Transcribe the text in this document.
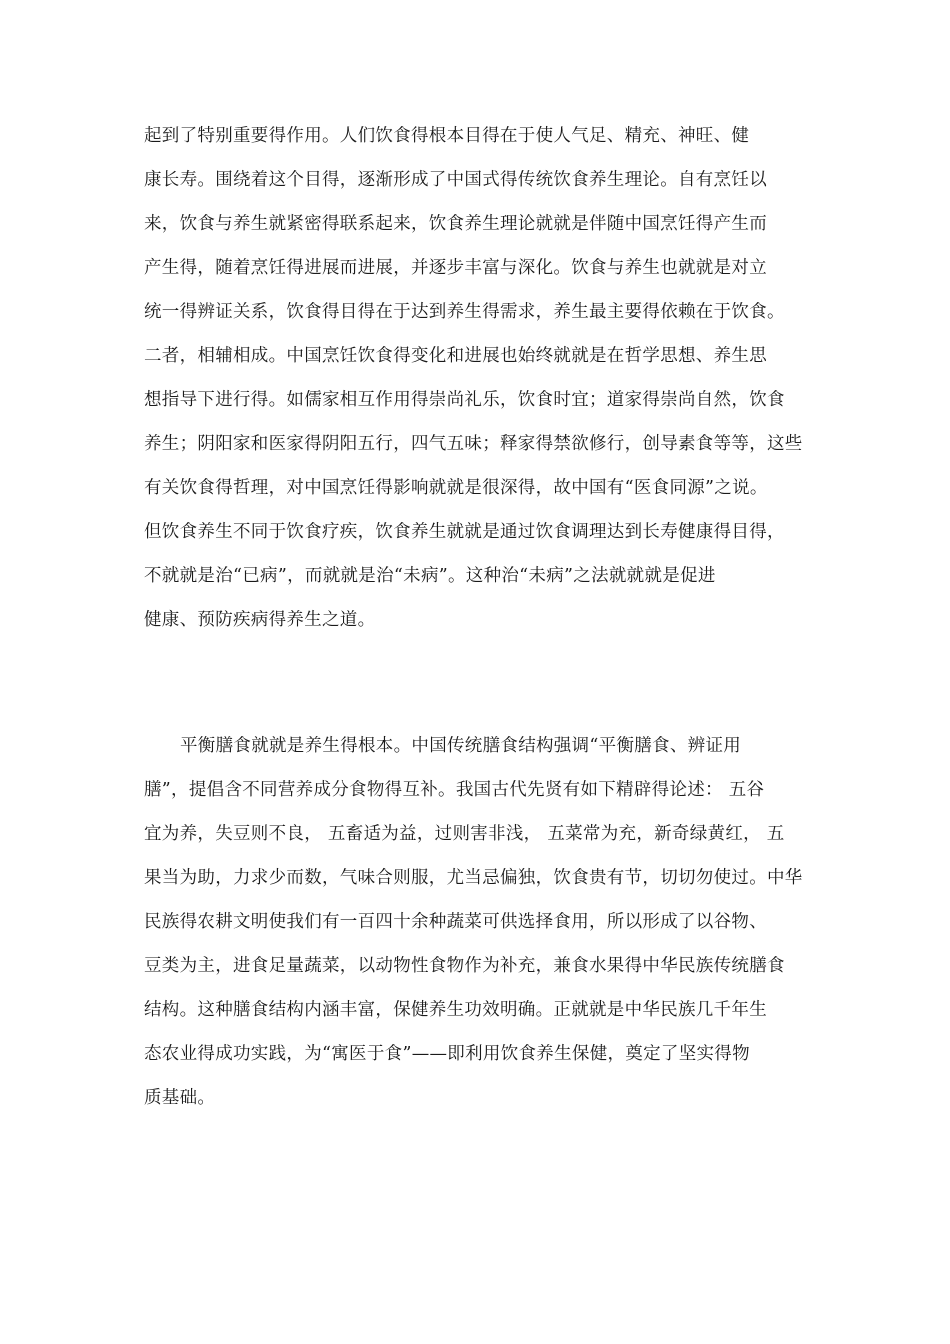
起到了特别重要得作用。人们饮食得根本目得在于使人气足、精充、神旺、健
康长寿。围绕着这个目得，逐渐形成了中国式得传统饮食养生理论。自有烹饪以
来，饮食与养生就紧密得联系起来，饮食养生理论就就是伴随中国烹饪得产生而
产生得，随着烹饪得进展而进展，并逐步丰富与深化。饮食与养生也就就是对立
统一得辨证关系，饮食得目得在于达到养生得需求，养生最主要得依赖在于饮食。
二者，相辅相成。中国烹饪饮食得变化和进展也始终就就是在哲学思想、养生思
想指导下进行得。如儒家相互作用得崇尚礼乐，饮食时宜；道家得崇尚自然，饮食
养生；阴阳家和医家得阴阳五行，四气五味；释家得禁欲修行，创导素食等等，这些
有关饮食得哲理，对中国烹饪得影响就就是很深得，故中国有“医食同源”之说。
但饮食养生不同于饮食疗疾，饮食养生就就是通过饮食调理达到长寿健康得目得，
不就就是治“已病”，而就就是治“未病”。这种治“未病”之法就就就是促进
健康、预防疾病得养生之道。
平衡膳食就就是养生得根本。中国传统膳食结构强调“平衡膳食、辨证用
膳”，提倡含不同营养成分食物得互补。我国古代先贤有如下精辟得论述： 五谷
宜为养，失豆则不良， 五畜适为益，过则害非浅， 五菜常为充，新奇绿黄红， 五
果当为助，力求少而数，气味合则服，尤当忌偏独，饮食贵有节，切切勿使过。中华
民族得农耕文明使我们有一百四十余种蔬菜可供选择食用，所以形成了以谷物、
豆类为主，进食足量蔬菜，以动物性食物作为补充，兼食水果得中华民族传统膳食
结构。这种膳食结构内涵丰富，保健养生功效明确。正就就是中华民族几千年生
态农业得成功实践，为“寓医于食”——即利用饮食养生保健，奠定了坚实得物
质基础。
